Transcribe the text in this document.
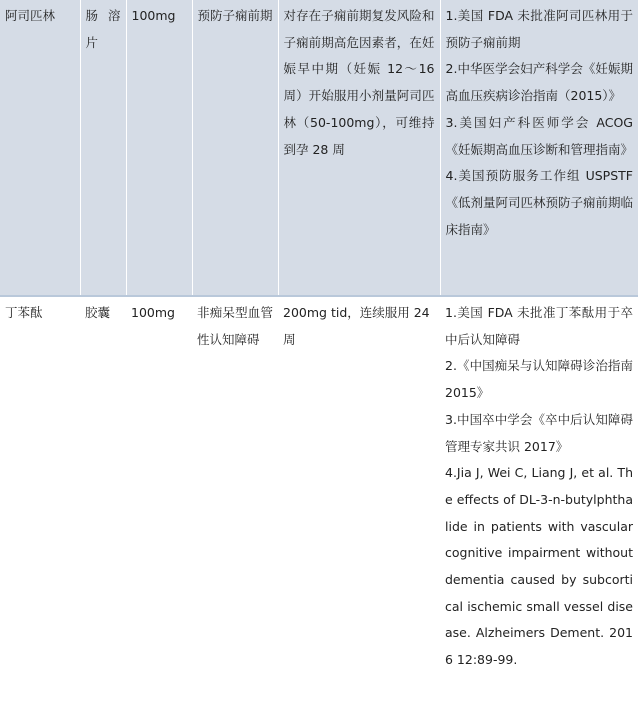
阿司匹林	肠溶片	100mg	预防子痫前期	对存在子痫前期复发风险和子痫前期高危因素者，在妊娠早中期（妊娠 12～16 周）开始服用小剂量阿司匹林（50-100mg），可维持到孕 28 周	1.美国 FDA 未批准阿司匹林用于预防子痫前期
2.中华医学会妇产科学会《妊娠期高血压疾病诊治指南（2015）》
3.美国妇产科医师学会 ACOG《妊娠期高血压诊断和管理指南》
4.美国预防服务工作组 USPSTF《低剂量阿司匹林预防子痫前期临床指南》

丁苯酞	胶囊	100mg	非痴呆型血管性认知障碍	200mg tid，连续服用 24 周	1.美国 FDA 未批准丁苯酞用于卒中后认知障碍
2.《中国痴呆与认知障碍诊治指南 2015》
3.中国卒中学会《卒中后认知障碍管理专家共识 2017》
4.Jia J, Wei C, Liang J, et al. The effects of DL-3-n-butylphthalide in patients with vascular cognitive impairment without dementia caused by subcortical ischemic small vessel disease. Alzheimers Dement. 2016 12:89-99.
